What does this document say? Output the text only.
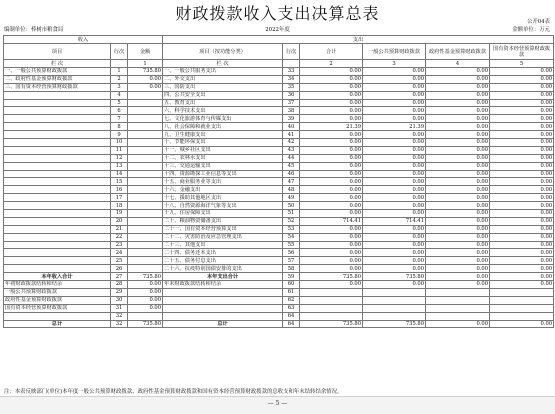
财政拨款收入支出决算总表	公开04表
编制单位：棒树市粮食局	2022年度	金额单位：万元
收入			支出					
项目	行次	金额	项目（按功能分类）	行次	合计	一般公共预算财政拨款	政府性基金预算财政拨款	国有资本经营预算财政拨款
栏 次		1	栏 次		2	3	4	5
一、一般公共预算财政拨款	1	735.80	一、一般公共服务支出	33	0.00	0.00	0.00	0.00
二、政府性基金预算财政拨款	2	0.00	二、外交支出	34	0.00	0.00	0.00	0.00
三、国有资本经营预算财政拨款	3	0.00	三、国防支出	35	0.00	0.00	0.00	0.00
	4		四、公共安全支出	36	0.00	0.00	0.00	0.00
	5		五、教育支出	37	0.00	0.00	0.00	0.00
	6		六、科学技术支出	38	0.00	0.00	0.00	0.00
	7		七、文化旅游体育与传媒支出	39	0.00	0.00	0.00	0.00
	8		八、社会保障和就业支出	40	21.39	21.39	0.00	0.00
	9		九、卫生健康支出	41	0.00	0.00	0.00	0.00
	10		十、节能环保支出	42	0.00	0.00	0.00	0.00
	11		十一、城乡社区支出	43	0.00	0.00	0.00	0.00
	12		十二、农林水支出	44	0.00	0.00	0.00	0.00
	13		十三、交通运输支出	45	0.00	0.00	0.00	0.00
	14		十四、资源勘探工业信息等支出	46	0.00	0.00	0.00	0.00
	15		十五、商业服务业等支出	47	0.00	0.00	0.00	0.00
	16		十六、金融支出	48	0.00	0.00	0.00	0.00
	17		十七、援助其他地区支出	49	0.00	0.00	0.00	0.00
	18		十八、自然资源海洋气象等支出	50	0.00	0.00	0.00	0.00
	19		十九、住房保障支出	51	0.00	0.00	0.00	0.00
	20		二十、粮油物资储备支出	52	714.41	714.41	0.00	0.00
	21		二十一、国有资本经营预算支出	53	0.00	0.00	0.00	0.00
	22		二十二、灾害防治及应急管理支出	54	0.00	0.00	0.00	0.00
	23		二十三、其他支出	55	0.00	0.00	0.00	0.00
	24		二十四、债务还本支出	56	0.00	0.00	0.00	0.00
	25		二十五、债务付息支出	57	0.00	0.00	0.00	0.00
	26		二十六、抗疫特别国债安排的支出	58	0.00	0.00	0.00	0.00
本年收入合计	27	735.80	本年支出合计	59	735.80	735.80	0.00	0.00
年初财政拨款结转和结余	28	0.00	年末财政拨款结转和结余	60	0.00	0.00	0.00	0.00
一般公共预算财政拨款	29	0.00		61				
政府性基金预算财政拨款	30	0.00		62				
国有资本经营预算财政拨款	31	0.00		63				
	32			64				
总计	32	735.80	总计	64	735.80	735.80	0.00	0.00
注：本表反映部门(单位)本年度一般公共预算财政拨款、政府性基金预算财政拨款和国有资本经营预算财政拨款的总收支和年末结转结余情况。
— 5 —
